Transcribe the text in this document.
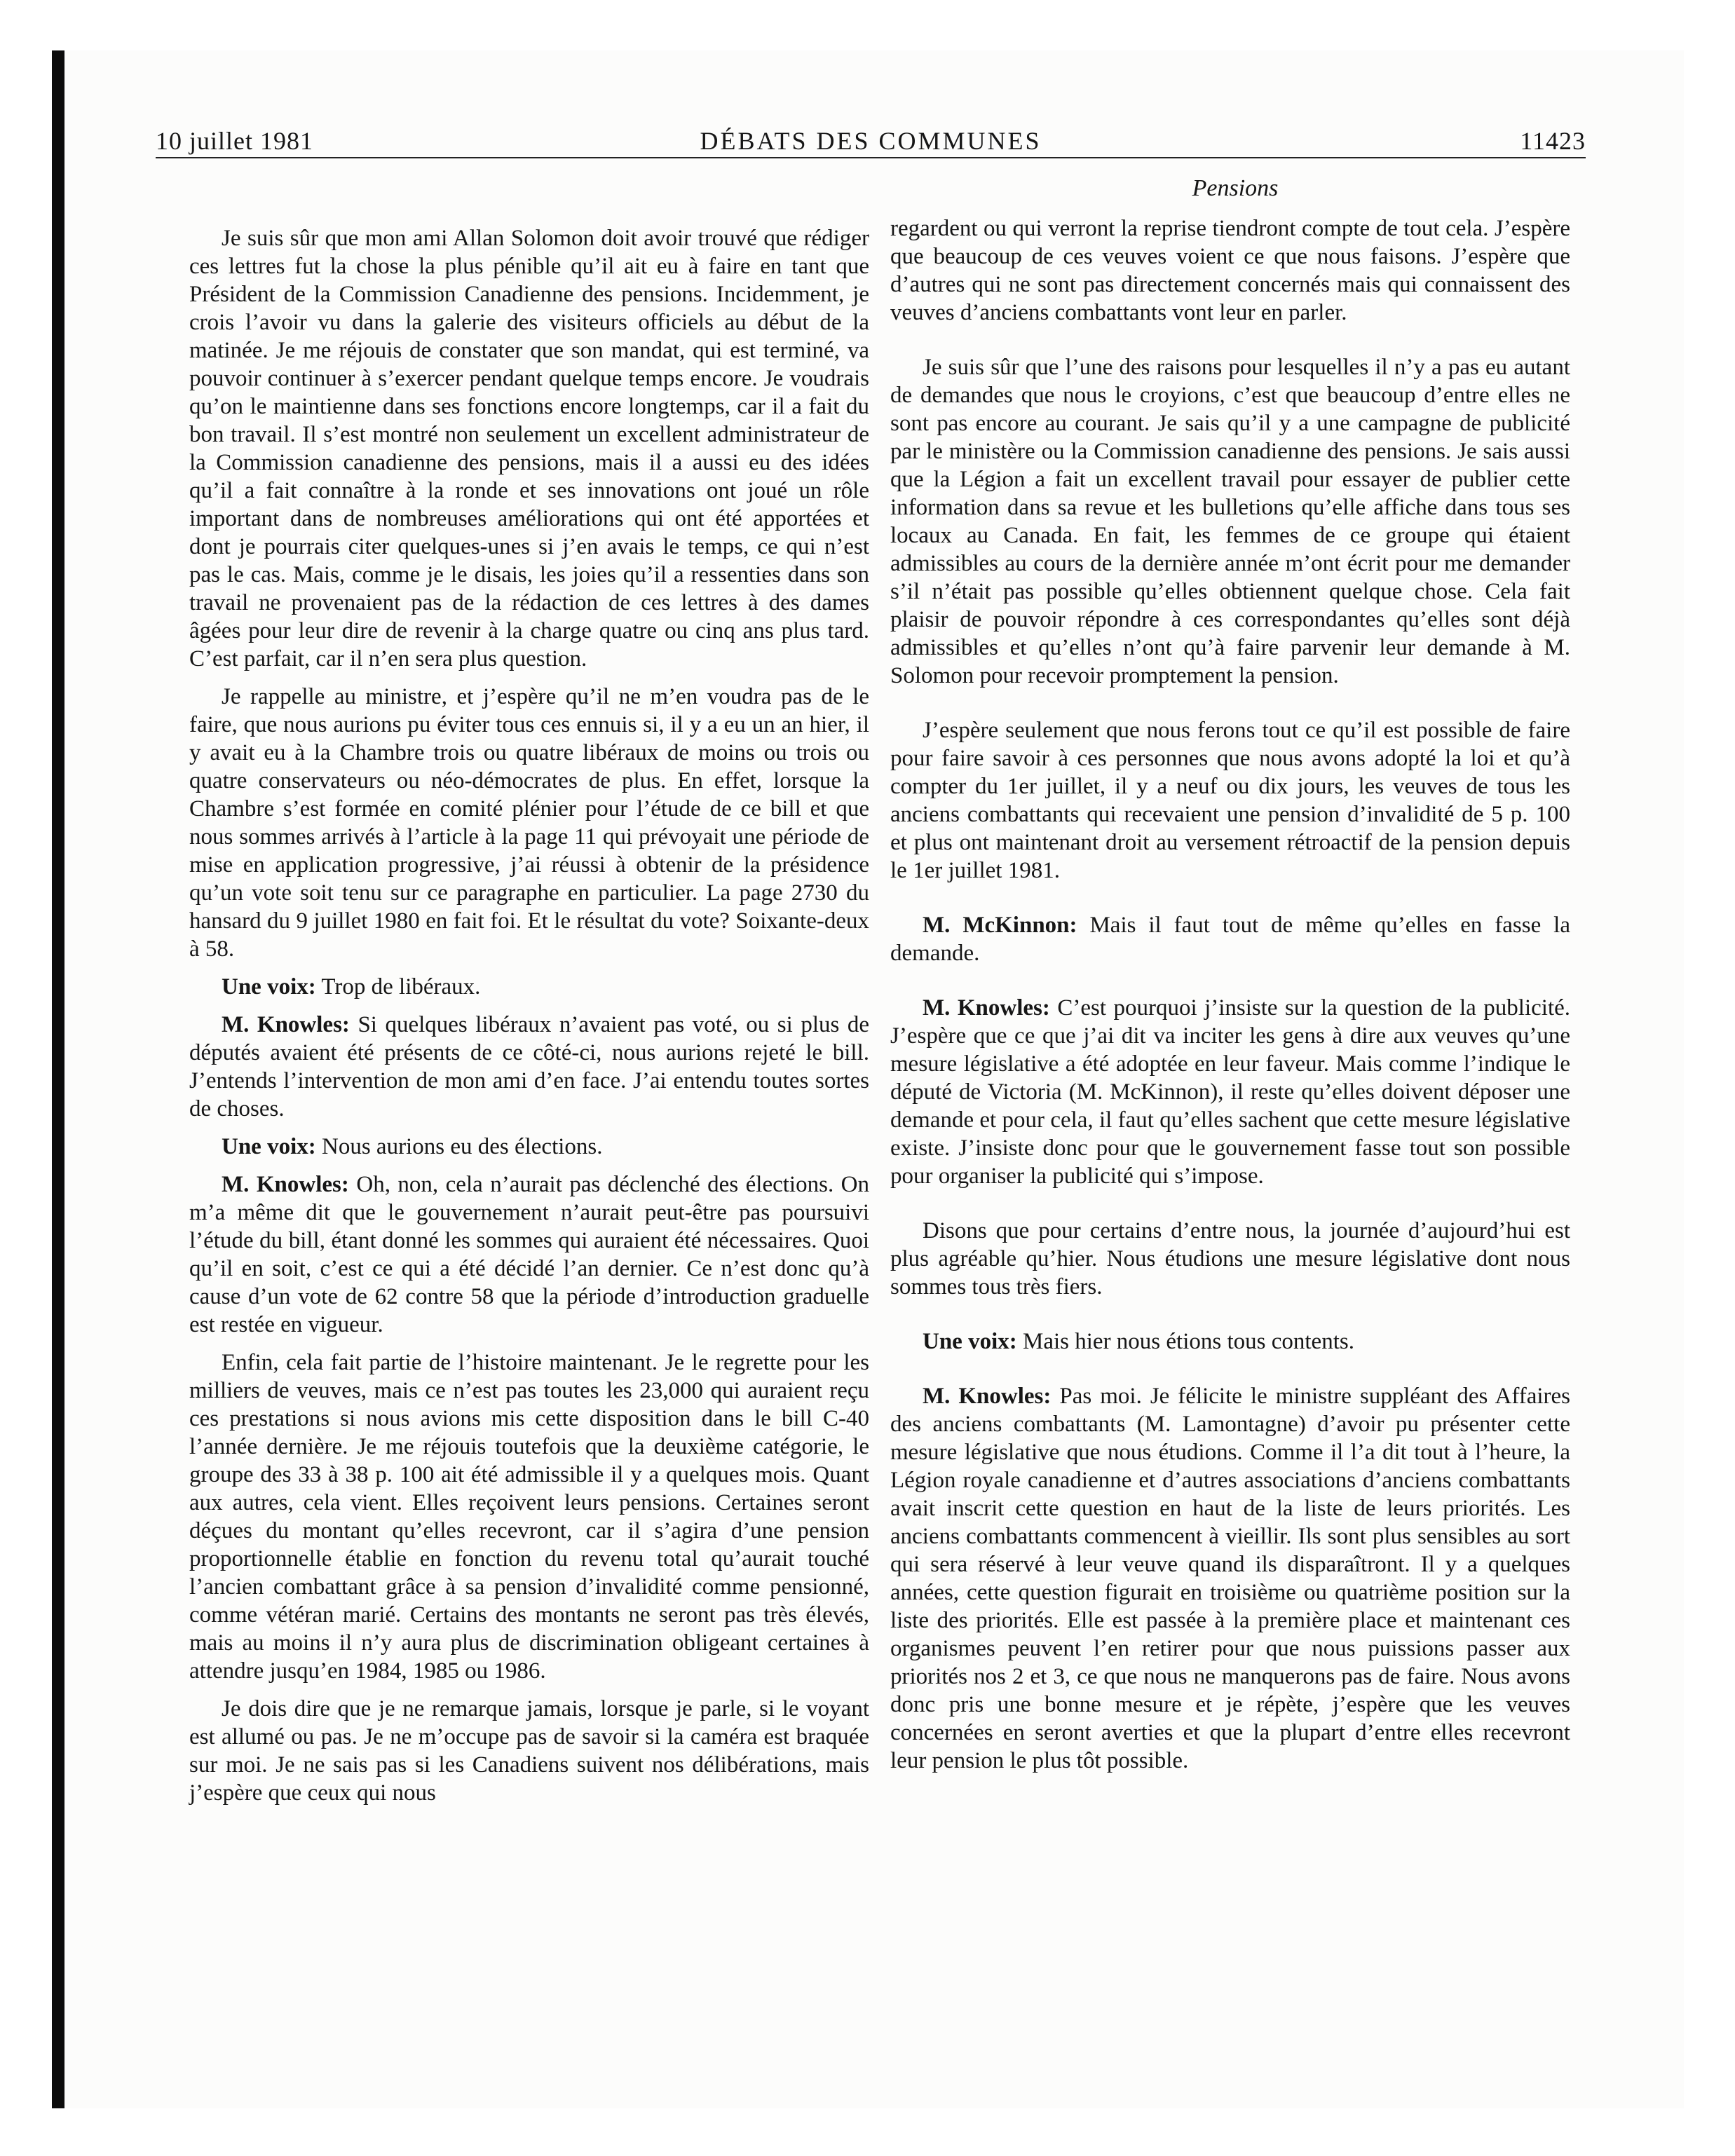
10 juillet 1981	DÉBATS DES COMMUNES	11423
Pensions

Je suis sûr que mon ami Allan Solomon doit avoir trouvé que rédiger ces lettres fut la chose la plus pénible qu’il ait eu à faire en tant que Président de la Commission Canadienne des pensions. Incidemment, je crois l’avoir vu dans la galerie des visiteurs officiels au début de la matinée. Je me réjouis de constater que son mandat, qui est terminé, va pouvoir continuer à s’exercer pendant quelque temps encore. Je voudrais qu’on le maintienne dans ses fonctions encore longtemps, car il a fait du bon travail. Il s’est montré non seulement un excellent administrateur de la Commission canadienne des pensions, mais il a aussi eu des idées qu’il a fait connaître à la ronde et ses innovations ont joué un rôle important dans de nombreuses améliorations qui ont été apportées et dont je pourrais citer quelques-unes si j’en avais le temps, ce qui n’est pas le cas. Mais, comme je le disais, les joies qu’il a ressenties dans son travail ne provenaient pas de la rédaction de ces lettres à des dames âgées pour leur dire de revenir à la charge quatre ou cinq ans plus tard. C’est parfait, car il n’en sera plus question.

Je rappelle au ministre, et j’espère qu’il ne m’en voudra pas de le faire, que nous aurions pu éviter tous ces ennuis si, il y a eu un an hier, il y avait eu à la Chambre trois ou quatre libéraux de moins ou trois ou quatre conservateurs ou néo-démocrates de plus. En effet, lorsque la Chambre s’est formée en comité plénier pour l’étude de ce bill et que nous sommes arrivés à l’article à la page 11 qui prévoyait une période de mise en application progressive, j’ai réussi à obtenir de la présidence qu’un vote soit tenu sur ce paragraphe en particulier. La page 2730 du hansard du 9 juillet 1980 en fait foi. Et le résultat du vote? Soixante-deux à 58.

Une voix: Trop de libéraux.

M. Knowles: Si quelques libéraux n’avaient pas voté, ou si plus de députés avaient été présents de ce côté-ci, nous aurions rejeté le bill. J’entends l’intervention de mon ami d’en face. J’ai entendu toutes sortes de choses.

Une voix: Nous aurions eu des élections.

M. Knowles: Oh, non, cela n’aurait pas déclenché des élections. On m’a même dit que le gouvernement n’aurait peut-être pas poursuivi l’étude du bill, étant donné les sommes qui auraient été nécessaires. Quoi qu’il en soit, c’est ce qui a été décidé l’an dernier. Ce n’est donc qu’à cause d’un vote de 62 contre 58 que la période d’introduction graduelle est restée en vigueur.

Enfin, cela fait partie de l’histoire maintenant. Je le regrette pour les milliers de veuves, mais ce n’est pas toutes les 23,000 qui auraient reçu ces prestations si nous avions mis cette disposition dans le bill C-40 l’année dernière. Je me réjouis toutefois que la deuxième catégorie, le groupe des 33 à 38 p. 100 ait été admissible il y a quelques mois. Quant aux autres, cela vient. Elles reçoivent leurs pensions. Certaines seront déçues du montant qu’elles recevront, car il s’agira d’une pension proportionnelle établie en fonction du revenu total qu’aurait touché l’ancien combattant grâce à sa pension d’invalidité comme pensionné, comme vétéran marié. Certains des montants ne seront pas très élevés, mais au moins il n’y aura plus de discrimination obligeant certaines à attendre jusqu’en 1984, 1985 ou 1986.

Je dois dire que je ne remarque jamais, lorsque je parle, si le voyant est allumé ou pas. Je ne m’occupe pas de savoir si la caméra est braquée sur moi. Je ne sais pas si les Canadiens suivent nos délibérations, mais j’espère que ceux qui nous

regardent ou qui verront la reprise tiendront compte de tout cela. J’espère que beaucoup de ces veuves voient ce que nous faisons. J’espère que d’autres qui ne sont pas directement concernés mais qui connaissent des veuves d’anciens combattants vont leur en parler.

Je suis sûr que l’une des raisons pour lesquelles il n’y a pas eu autant de demandes que nous le croyions, c’est que beaucoup d’entre elles ne sont pas encore au courant. Je sais qu’il y a une campagne de publicité par le ministère ou la Commission canadienne des pensions. Je sais aussi que la Légion a fait un excellent travail pour essayer de publier cette information dans sa revue et les bulletions qu’elle affiche dans tous ses locaux au Canada. En fait, les femmes de ce groupe qui étaient admissibles au cours de la dernière année m’ont écrit pour me demander s’il n’était pas possible qu’elles obtiennent quelque chose. Cela fait plaisir de pouvoir répondre à ces correspondantes qu’elles sont déjà admissibles et qu’elles n’ont qu’à faire parvenir leur demande à M. Solomon pour recevoir promptement la pension.

J’espère seulement que nous ferons tout ce qu’il est possible de faire pour faire savoir à ces personnes que nous avons adopté la loi et qu’à compter du 1er juillet, il y a neuf ou dix jours, les veuves de tous les anciens combattants qui recevaient une pension d’invalidité de 5 p. 100 et plus ont maintenant droit au versement rétroactif de la pension depuis le 1er juillet 1981.

M. McKinnon: Mais il faut tout de même qu’elles en fasse la demande.

M. Knowles: C’est pourquoi j’insiste sur la question de la publicité. J’espère que ce que j’ai dit va inciter les gens à dire aux veuves qu’une mesure législative a été adoptée en leur faveur. Mais comme l’indique le député de Victoria (M. McKinnon), il reste qu’elles doivent déposer une demande et pour cela, il faut qu’elles sachent que cette mesure législative existe. J’insiste donc pour que le gouvernement fasse tout son possible pour organiser la publicité qui s’impose.

Disons que pour certains d’entre nous, la journée d’aujourd’hui est plus agréable qu’hier. Nous étudions une mesure législative dont nous sommes tous très fiers.

Une voix: Mais hier nous étions tous contents.

M. Knowles: Pas moi. Je félicite le ministre suppléant des Affaires des anciens combattants (M. Lamontagne) d’avoir pu présenter cette mesure législative que nous étudions. Comme il l’a dit tout à l’heure, la Légion royale canadienne et d’autres associations d’anciens combattants avait inscrit cette question en haut de la liste de leurs priorités. Les anciens combattants commencent à vieillir. Ils sont plus sensibles au sort qui sera réservé à leur veuve quand ils disparaîtront. Il y a quelques années, cette question figurait en troisième ou quatrième position sur la liste des priorités. Elle est passée à la première place et maintenant ces organismes peuvent l’en retirer pour que nous puissions passer aux priorités nos 2 et 3, ce que nous ne manquerons pas de faire. Nous avons donc pris une bonne mesure et je répète, j’espère que les veuves concernées en seront averties et que la plupart d’entre elles recevront leur pension le plus tôt possible.
